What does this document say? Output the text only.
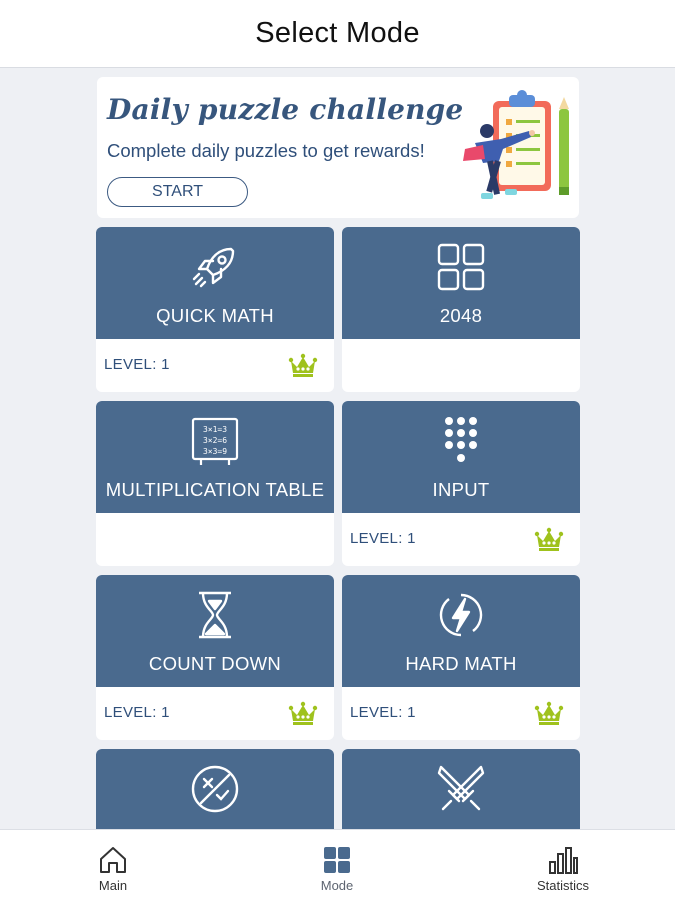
Select Mode
Daily puzzle challenge
Complete daily puzzles to get rewards!
START
QUICK MATH
LEVEL: 1
2048
3×1=3
3×2=6
3×3=9
MULTIPLICATION TABLE	INPUT
LEVEL: 1
COUNT DOWN
LEVEL: 1
HARD MATH
LEVEL: 1
Main	Mode	Statistics
